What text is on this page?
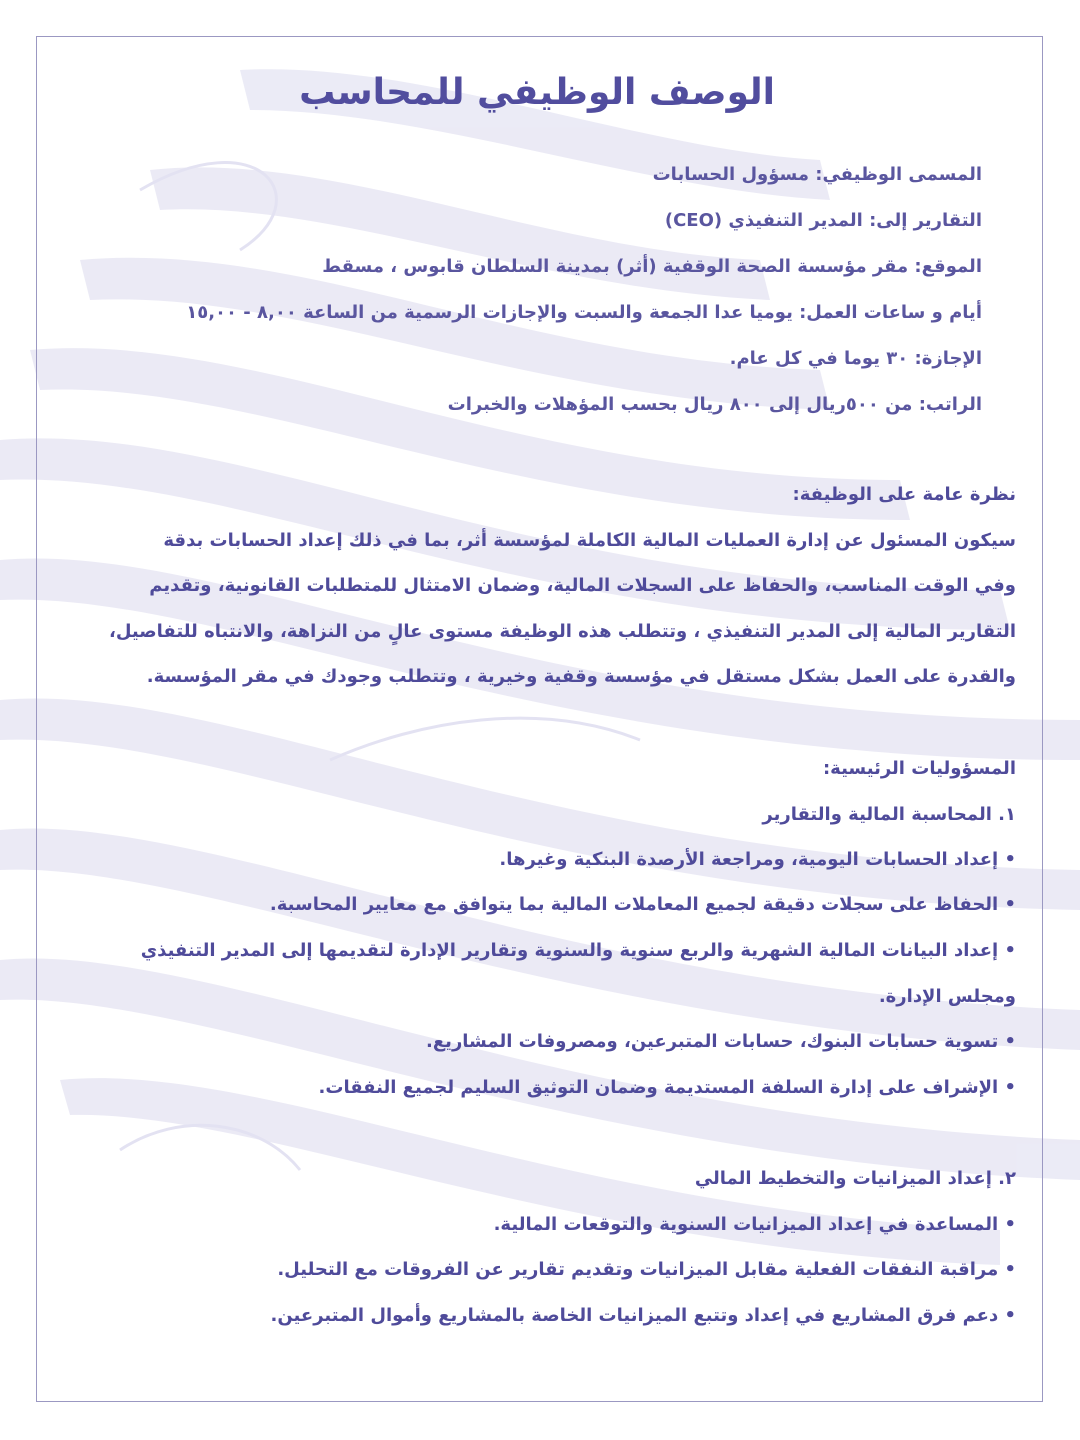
الوصف الوظيفي للمحاسب
المسمى الوظيفي: مسؤول الحسابات
التقارير إلى: المدير التنفيذي (CEO)
الموقع: مقر مؤسسة الصحة الوقفية (أثر) بمدينة السلطان قابوس ، مسقط
أيام و ساعات العمل: يوميا عدا الجمعة والسبت والإجازات الرسمية من الساعة ٨,٠٠ - ١٥,٠٠
الإجازة: ٣٠ يوما في كل عام.
الراتب: من ٥٠٠ريال إلى ٨٠٠ ريال بحسب المؤهلات والخبرات
نظرة عامة على الوظيفة:
سيكون المسئول عن إدارة العمليات المالية الكاملة لمؤسسة أثر، بما في ذلك إعداد الحسابات بدقة
وفي الوقت المناسب، والحفاظ على السجلات المالية، وضمان الامتثال للمتطلبات القانونية، وتقديم
التقارير المالية إلى المدير التنفيذي ، وتتطلب هذه الوظيفة مستوى عالٍ من النزاهة، والانتباه للتفاصيل،
والقدرة على العمل بشكل مستقل في مؤسسة وقفية وخيرية ، وتتطلب وجودك في مقر المؤسسة.
المسؤوليات الرئيسية:
١. المحاسبة المالية والتقارير
• إعداد الحسابات اليومية، ومراجعة الأرصدة البنكية وغيرها.
• الحفاظ على سجلات دقيقة لجميع المعاملات المالية بما يتوافق مع معايير المحاسبة.
• إعداد البيانات المالية الشهرية والربع سنوية والسنوية وتقارير الإدارة لتقديمها إلى المدير التنفيذي
ومجلس الإدارة.
• تسوية حسابات البنوك، حسابات المتبرعين، ومصروفات المشاريع.
• الإشراف على إدارة السلفة المستديمة وضمان التوثيق السليم لجميع النفقات.
٢. إعداد الميزانيات والتخطيط المالي
• المساعدة في إعداد الميزانيات السنوية والتوقعات المالية.
• مراقبة النفقات الفعلية مقابل الميزانيات وتقديم تقارير عن الفروقات مع التحليل.
• دعم فرق المشاريع في إعداد وتتبع الميزانيات الخاصة بالمشاريع وأموال المتبرعين.
